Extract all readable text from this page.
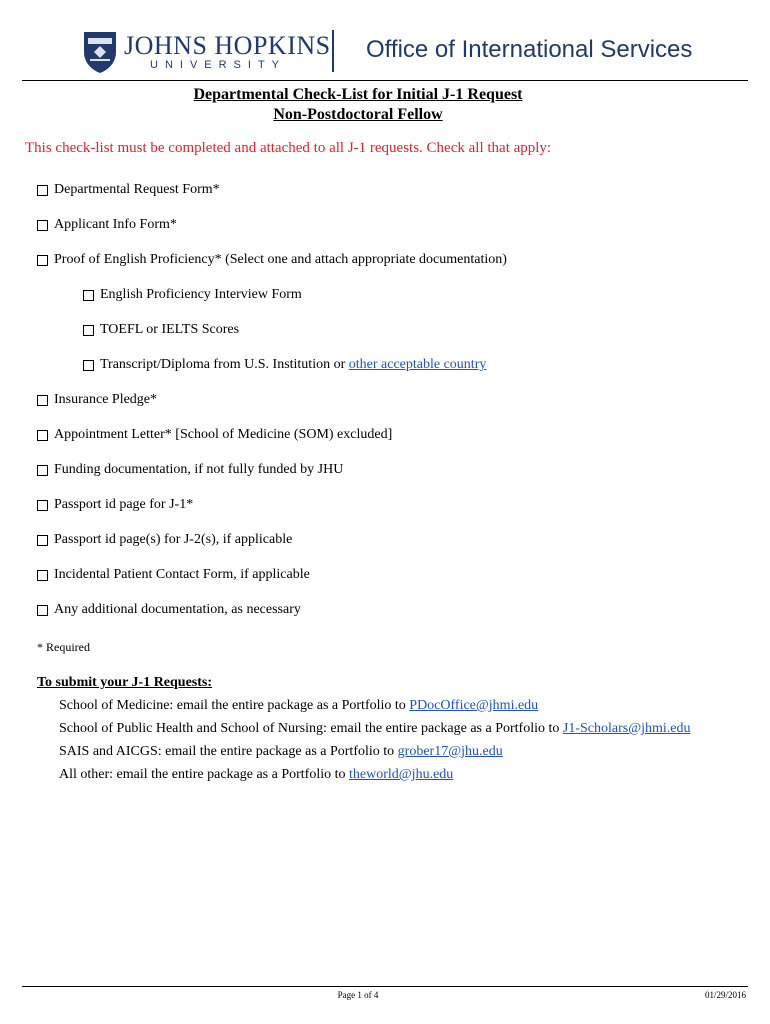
JOHNS HOPKINS
UNIVERSITY
Office of International Services
Departmental Check-List for Initial J-1 Request
Non-Postdoctoral Fellow
This check-list must be completed and attached to all J-1 requests. Check all that apply:
Departmental Request Form*
Applicant Info Form*
Proof of English Proficiency* (Select one and attach appropriate documentation)
English Proficiency Interview Form
TOEFL or IELTS Scores
Transcript/Diploma from U.S. Institution or other acceptable country
Insurance Pledge*
Appointment Letter* [School of Medicine (SOM) excluded]
Funding documentation, if not fully funded by JHU
Passport id page for J-1*
Passport id page(s) for J-2(s), if applicable
Incidental Patient Contact Form, if applicable
Any additional documentation, as necessary
* Required
To submit your J-1 Requests:
School of Medicine: email the entire package as a Portfolio to PDocOffice@jhmi.edu
School of Public Health and School of Nursing: email the entire package as a Portfolio to J1-Scholars@jhmi.edu
SAIS and AICGS: email the entire package as a Portfolio to grober17@jhu.edu
All other: email the entire package as a Portfolio to theworld@jhu.edu
Page 1 of 4	01/29/2016
